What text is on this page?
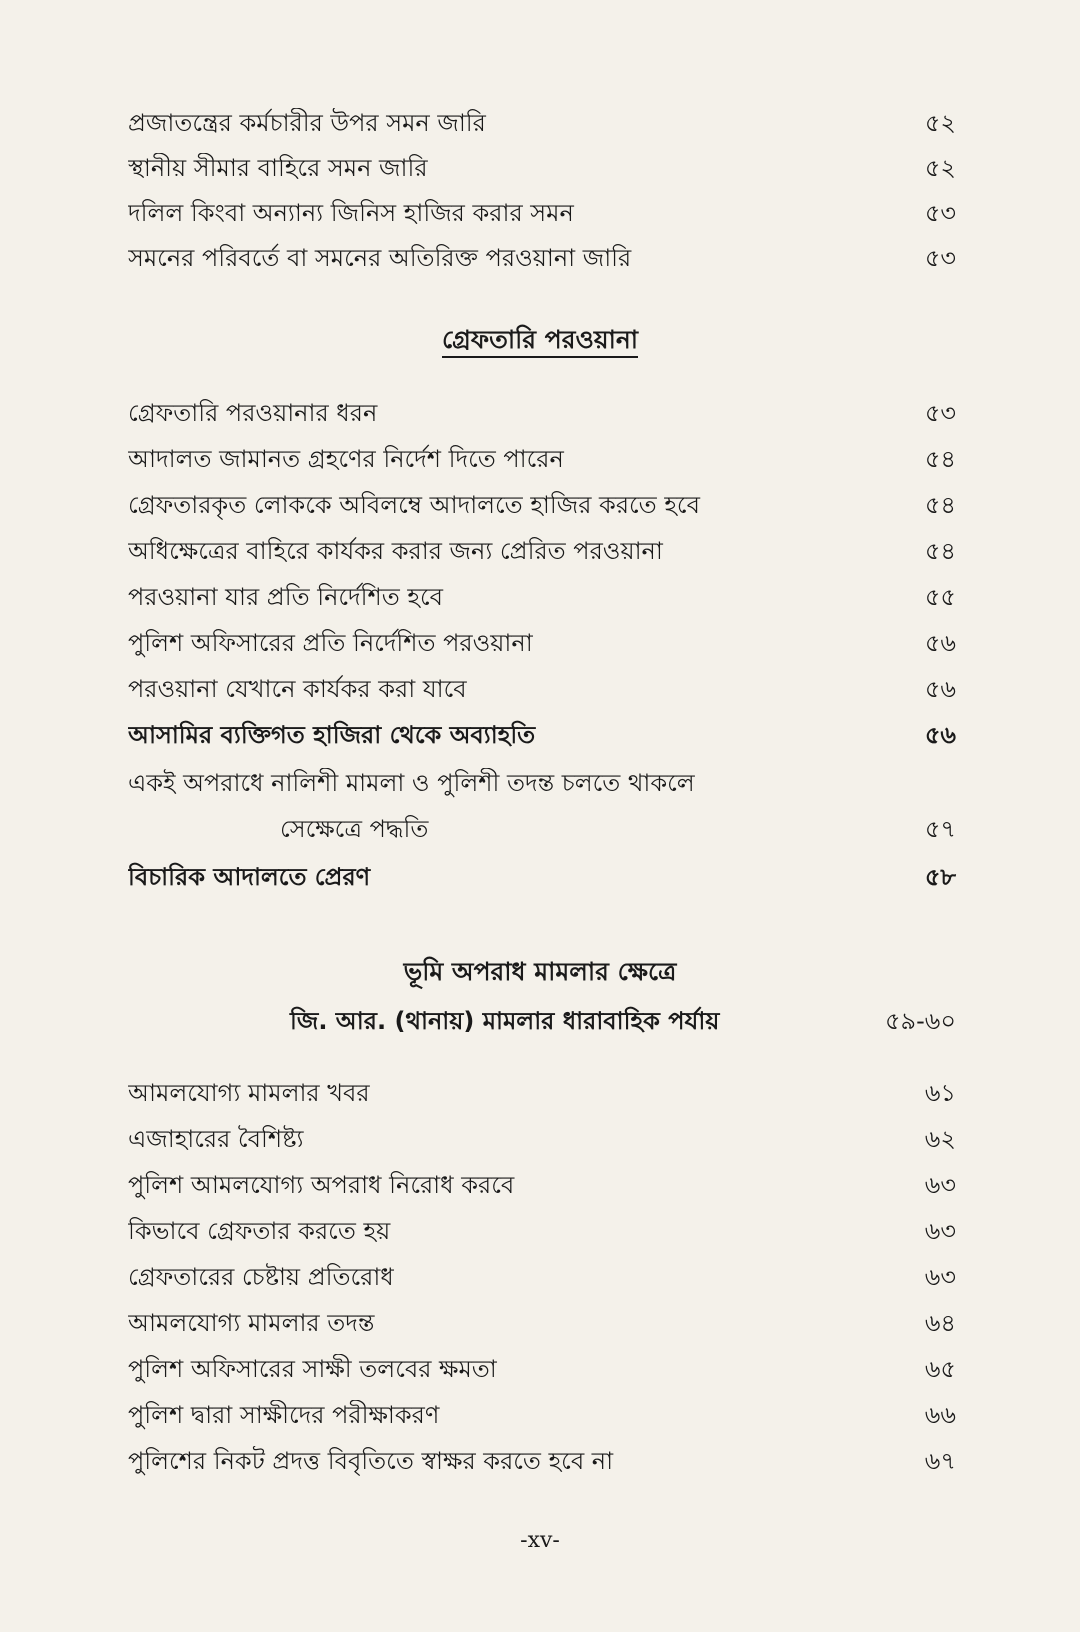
প্রজাতন্ত্রের কর্মচারীর উপর সমন জারি	৫২
স্থানীয় সীমার বাহিরে সমন জারি	৫২
দলিল কিংবা অন্যান্য জিনিস হাজির করার সমন	৫৩
সমনের পরিবর্তে বা সমনের অতিরিক্ত পরওয়ানা জারি	৫৩
গ্রেফতারি পরওয়ানা
গ্রেফতারি পরওয়ানার ধরন	৫৩
আদালত জামানত গ্রহণের নির্দেশ দিতে পারেন	৫৪
গ্রেফতারকৃত লোককে অবিলম্বে আদালতে হাজির করতে হবে	৫৪
অধিক্ষেত্রের বাহিরে কার্যকর করার জন্য প্রেরিত পরওয়ানা	৫৪
পরওয়ানা যার প্রতি নির্দেশিত হবে	৫৫
পুলিশ অফিসারের প্রতি নির্দেশিত পরওয়ানা	৫৬
পরওয়ানা যেখানে কার্যকর করা যাবে	৫৬
আসামির ব্যক্তিগত হাজিরা থেকে অব্যাহতি	৫৬
একই অপরাধে নালিশী মামলা ও পুলিশী তদন্ত চলতে থাকলে
সেক্ষেত্রে পদ্ধতি	৫৭
বিচারিক আদালতে প্রেরণ	৫৮
ভূমি অপরাধ মামলার ক্ষেত্রে
জি. আর. (থানায়) মামলার ধারাবাহিক পর্যায়	৫৯-৬০
আমলযোগ্য মামলার খবর	৬১
এজাহারের বৈশিষ্ট্য	৬২
পুলিশ আমলযোগ্য অপরাধ নিরোধ করবে	৬৩
কিভাবে গ্রেফতার করতে হয়	৬৩
গ্রেফতারের চেষ্টায় প্রতিরোধ	৬৩
আমলযোগ্য মামলার তদন্ত	৬৪
পুলিশ অফিসারের সাক্ষী তলবের ক্ষমতা	৬৫
পুলিশ দ্বারা সাক্ষীদের পরীক্ষাকরণ	৬৬
পুলিশের নিকট প্রদত্ত বিবৃতিতে স্বাক্ষর করতে হবে না	৬৭
-xv-
